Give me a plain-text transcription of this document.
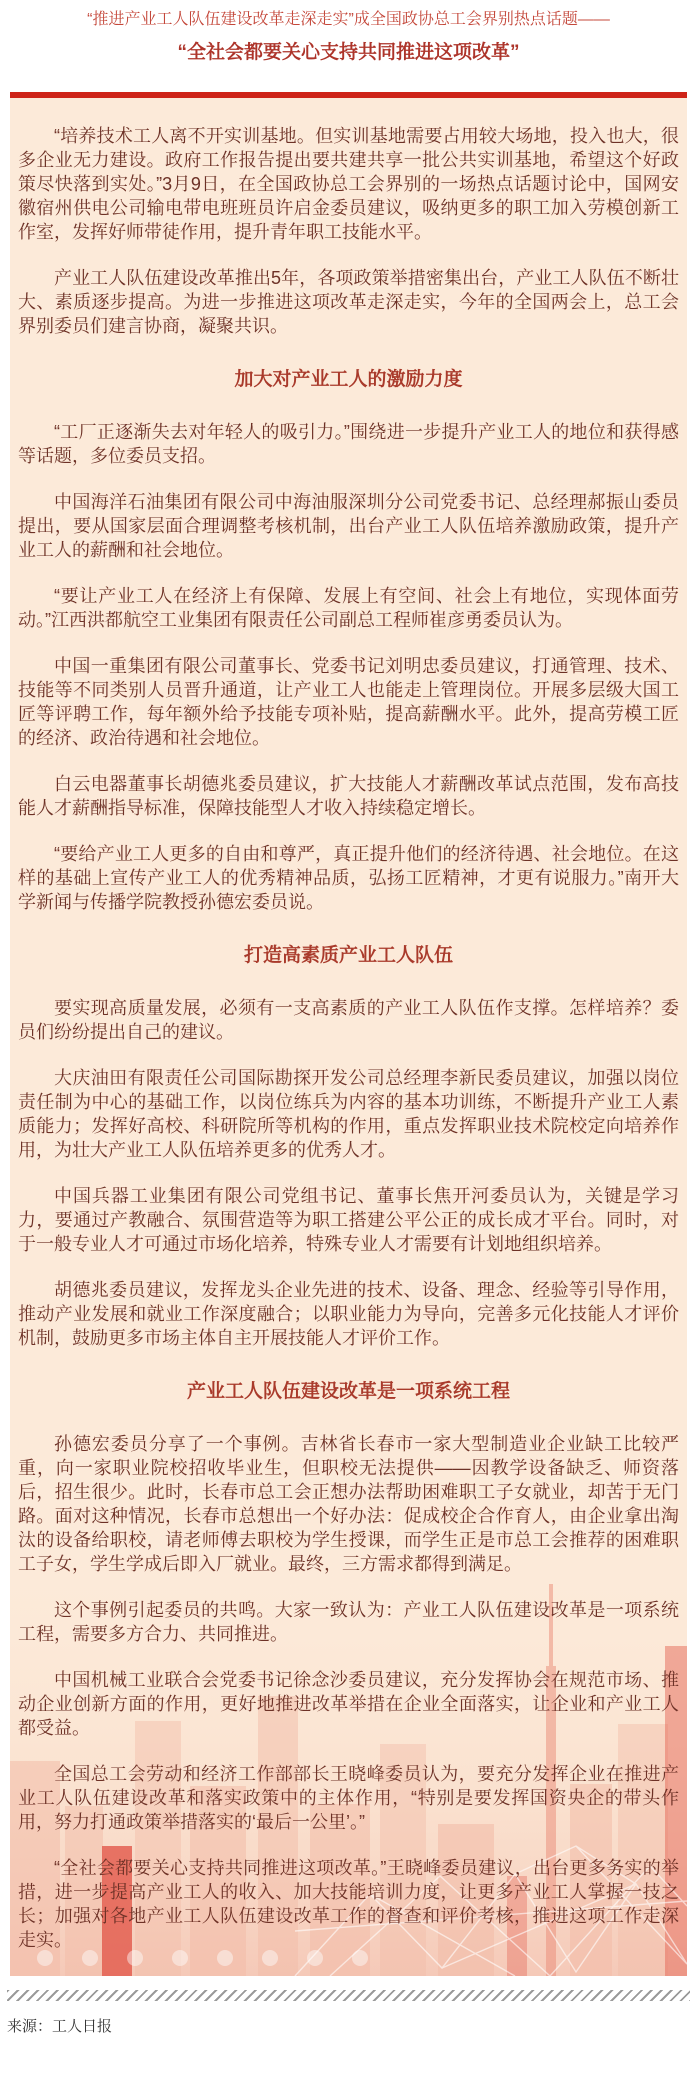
“推进产业工人队伍建设改革走深走实”成全国政协总工会界别热点话题——
“全社会都要关心支持共同推进这项改革”

“培养技术工人离不开实训基地。但实训基地需要占用较大场地，投入也大，很多企业无力建设。政府工作报告提出要共建共享一批公共实训基地，希望这个好政策尽快落到实处。”3月9日，在全国政协总工会界别的一场热点话题讨论中，国网安徽宿州供电公司输电带电班班员许启金委员建议，吸纳更多的职工加入劳模创新工作室，发挥好师带徒作用，提升青年职工技能水平。

产业工人队伍建设改革推出5年，各项政策举措密集出台，产业工人队伍不断壮大、素质逐步提高。为进一步推进这项改革走深走实，今年的全国两会上，总工会界别委员们建言协商，凝聚共识。

加大对产业工人的激励力度

“工厂正逐渐失去对年轻人的吸引力。”围绕进一步提升产业工人的地位和获得感等话题，多位委员支招。

中国海洋石油集团有限公司中海油服深圳分公司党委书记、总经理郝振山委员提出，要从国家层面合理调整考核机制，出台产业工人队伍培养激励政策，提升产业工人的薪酬和社会地位。

“要让产业工人在经济上有保障、发展上有空间、社会上有地位，实现体面劳动。”江西洪都航空工业集团有限责任公司副总工程师崔彦勇委员认为。

中国一重集团有限公司董事长、党委书记刘明忠委员建议，打通管理、技术、技能等不同类别人员晋升通道，让产业工人也能走上管理岗位。开展多层级大国工匠等评聘工作，每年额外给予技能专项补贴，提高薪酬水平。此外，提高劳模工匠的经济、政治待遇和社会地位。

白云电器董事长胡德兆委员建议，扩大技能人才薪酬改革试点范围，发布高技能人才薪酬指导标准，保障技能型人才收入持续稳定增长。

“要给产业工人更多的自由和尊严，真正提升他们的经济待遇、社会地位。在这样的基础上宣传产业工人的优秀精神品质，弘扬工匠精神，才更有说服力。”南开大学新闻与传播学院教授孙德宏委员说。

打造高素质产业工人队伍

要实现高质量发展，必须有一支高素质的产业工人队伍作支撑。怎样培养？委员们纷纷提出自己的建议。

大庆油田有限责任公司国际勘探开发公司总经理李新民委员建议，加强以岗位责任制为中心的基础工作，以岗位练兵为内容的基本功训练，不断提升产业工人素质能力；发挥好高校、科研院所等机构的作用，重点发挥职业技术院校定向培养作用，为壮大产业工人队伍培养更多的优秀人才。

中国兵器工业集团有限公司党组书记、董事长焦开河委员认为，关键是学习力，要通过产教融合、氛围营造等为职工搭建公平公正的成长成才平台。同时，对于一般专业人才可通过市场化培养，特殊专业人才需要有计划地组织培养。

胡德兆委员建议，发挥龙头企业先进的技术、设备、理念、经验等引导作用，推动产业发展和就业工作深度融合；以职业能力为导向，完善多元化技能人才评价机制，鼓励更多市场主体自主开展技能人才评价工作。

产业工人队伍建设改革是一项系统工程

孙德宏委员分享了一个事例。吉林省长春市一家大型制造业企业缺工比较严重，向一家职业院校招收毕业生，但职校无法提供——因教学设备缺乏、师资落后，招生很少。此时，长春市总工会正想办法帮助困难职工子女就业，却苦于无门路。面对这种情况，长春市总想出一个好办法：促成校企合作育人，由企业拿出淘汰的设备给职校，请老师傅去职校为学生授课，而学生正是市总工会推荐的困难职工子女，学生学成后即入厂就业。最终，三方需求都得到满足。

这个事例引起委员的共鸣。大家一致认为：产业工人队伍建设改革是一项系统工程，需要多方合力、共同推进。

中国机械工业联合会党委书记徐念沙委员建议，充分发挥协会在规范市场、推动企业创新方面的作用，更好地推进改革举措在企业全面落实，让企业和产业工人都受益。

全国总工会劳动和经济工作部部长王晓峰委员认为，要充分发挥企业在推进产业工人队伍建设改革和落实政策中的主体作用，“特别是要发挥国资央企的带头作用，努力打通政策举措落实的‘最后一公里’。”

“全社会都要关心支持共同推进这项改革。”王晓峰委员建议，出台更多务实的举措，进一步提高产业工人的收入、加大技能培训力度，让更多产业工人掌握一技之长；加强对各地产业工人队伍建设改革工作的督查和评价考核，推进这项工作走深走实。

来源：工人日报
